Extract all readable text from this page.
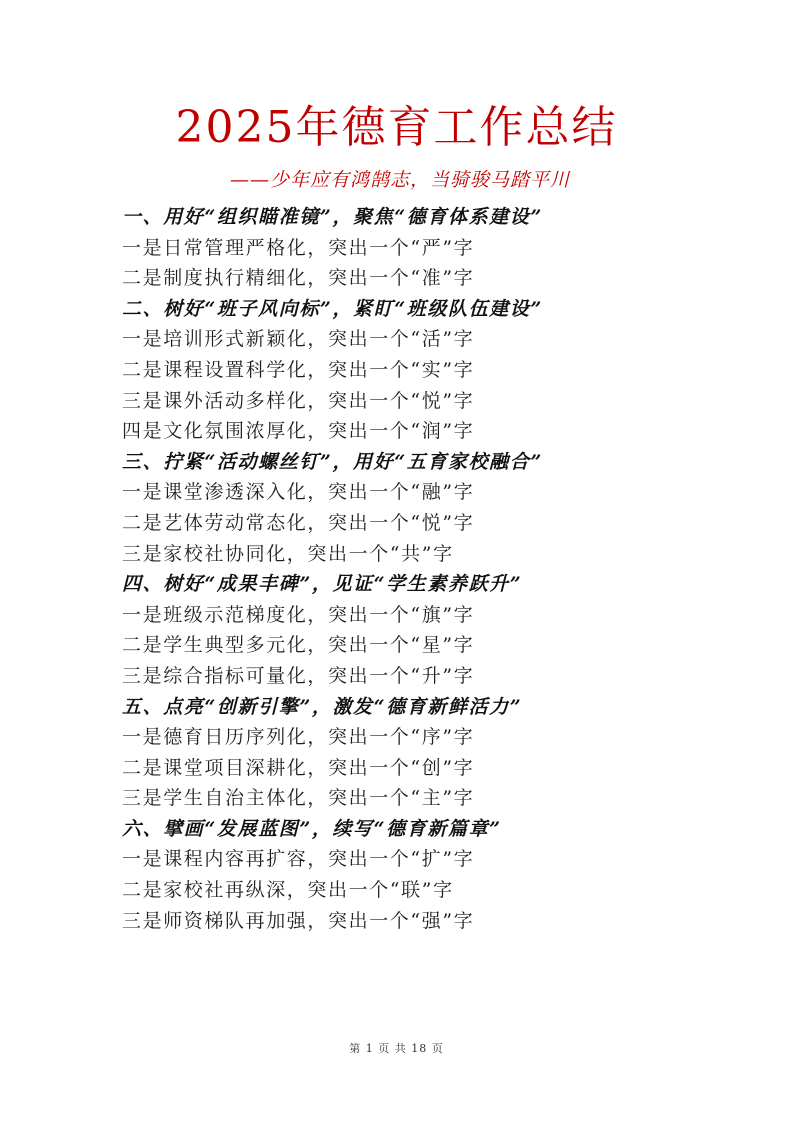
2025年德育工作总结
——少年应有鸿鹄志，当骑骏马踏平川
一、用好“组织瞄准镜”，聚焦“德育体系建设”
一是日常管理严格化，突出一个“严”字
二是制度执行精细化，突出一个“准”字
二、树好“班子风向标”，紧盯“班级队伍建设”
一是培训形式新颖化，突出一个“活”字
二是课程设置科学化，突出一个“实”字
三是课外活动多样化，突出一个“悦”字
四是文化氛围浓厚化，突出一个“润”字
三、拧紧“活动螺丝钉”，用好“五育家校融合”
一是课堂渗透深入化，突出一个“融”字
二是艺体劳动常态化，突出一个“悦”字
三是家校社协同化，突出一个“共”字
四、树好“成果丰碑”，见证“学生素养跃升”
一是班级示范梯度化，突出一个“旗”字
二是学生典型多元化，突出一个“星”字
三是综合指标可量化，突出一个“升”字
五、点亮“创新引擎”，激发“德育新鲜活力”
一是德育日历序列化，突出一个“序”字
二是课堂项目深耕化，突出一个“创”字
三是学生自治主体化，突出一个“主”字
六、擘画“发展蓝图”，续写“德育新篇章”
一是课程内容再扩容，突出一个“扩”字
二是家校社再纵深，突出一个“联”字
三是师资梯队再加强，突出一个“强”字
第 1 页 共 18 页
